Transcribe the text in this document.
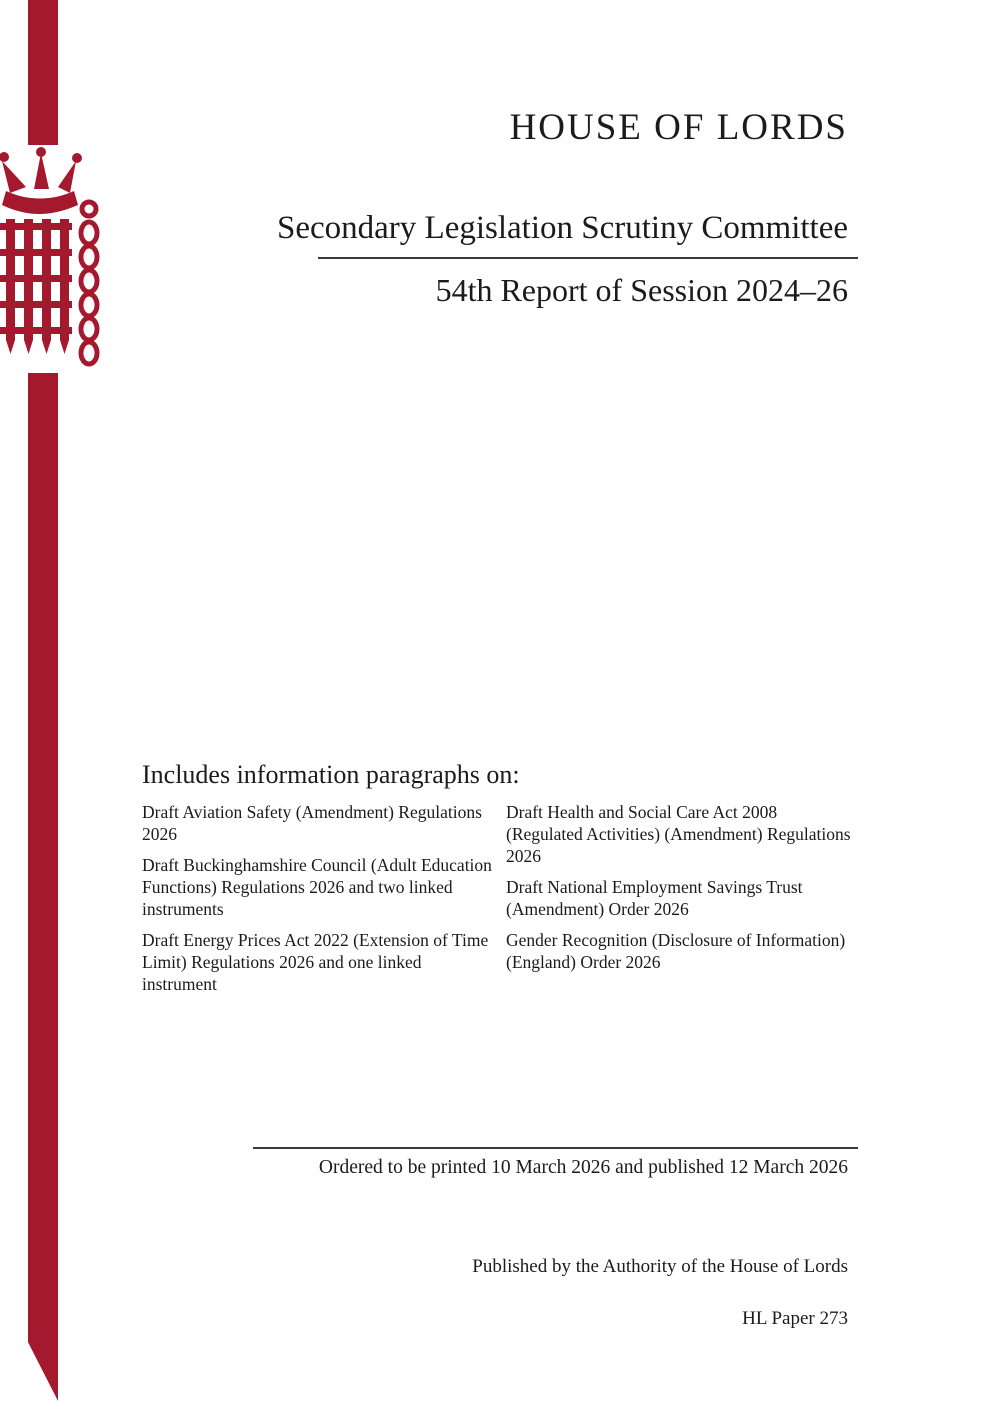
HOUSE OF LORDS
Secondary Legislation Scrutiny Committee
54th Report of Session 2024–26
Includes information paragraphs on:

Draft Aviation Safety (Amendment) Regulations 2026

Draft Buckinghamshire Council (Adult Education Functions) Regulations 2026 and two linked instruments

Draft Energy Prices Act 2022 (Extension of Time Limit) Regulations 2026 and one linked instrument

Draft Health and Social Care Act 2008 (Regulated Activities) (Amendment) Regulations 2026

Draft National Employment Savings Trust (Amendment) Order 2026

Gender Recognition (Disclosure of Information) (England) Order 2026

Ordered to be printed 10 March 2026 and published 12 March 2026
Published by the Authority of the House of Lords
HL Paper 273
